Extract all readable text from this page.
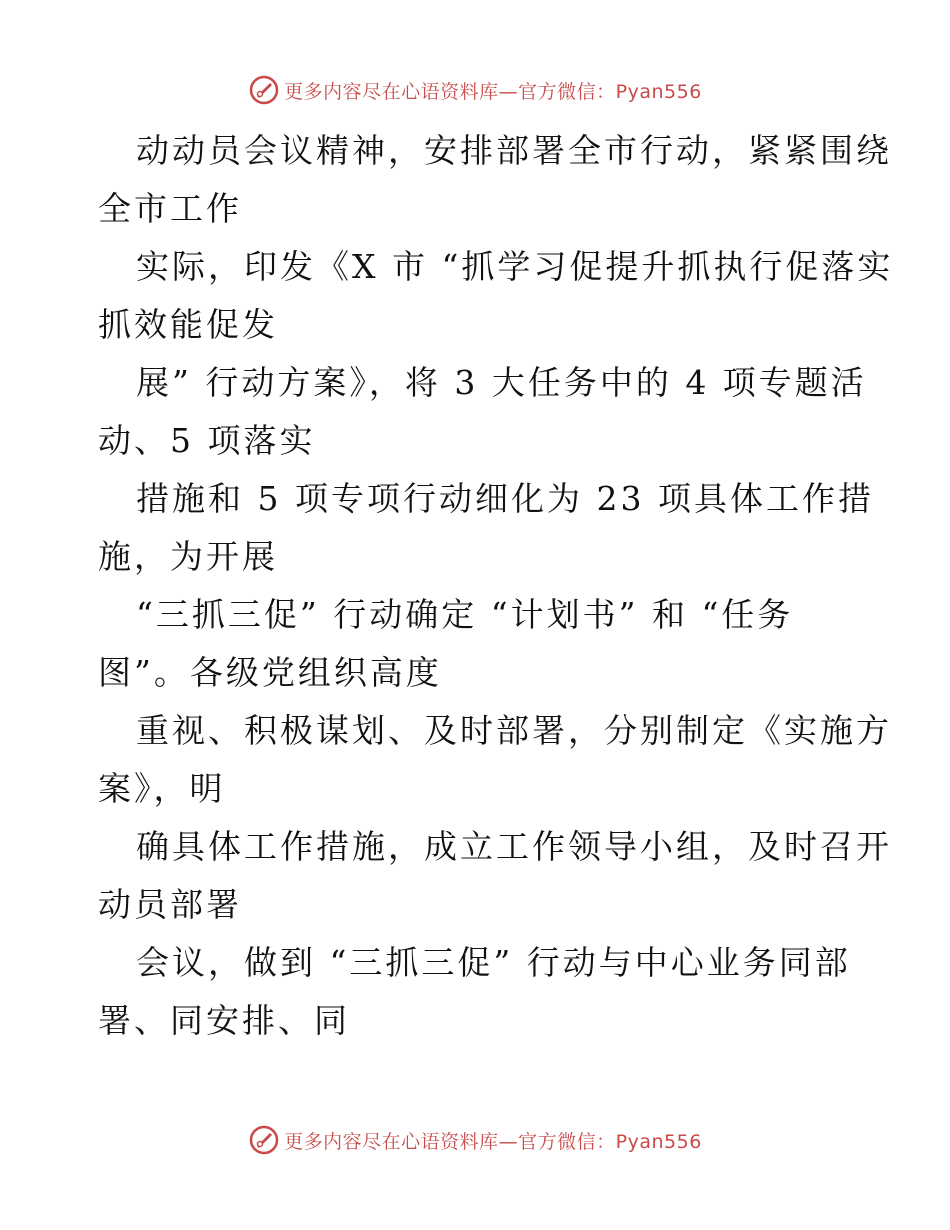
更多内容尽在心语资料库—官方微信：Pyan556
动动员会议精神，安排部署全市行动，紧紧围绕
全市工作
实际，印发《X 市 “抓学习促提升抓执行促落实
抓效能促发
展” 行动方案》，将 3 大任务中的 4 项专题活
动、5 项落实
措施和 5 项专项行动细化为 23 项具体工作措
施，为开展
“三抓三促” 行动确定 “计划书” 和 “任务
图”。各级党组织高度
重视、积极谋划、及时部署，分别制定《实施方
案》，明
确具体工作措施，成立工作领导小组，及时召开
动员部署
会议，做到 “三抓三促” 行动与中心业务同部
署、同安排、同
更多内容尽在心语资料库—官方微信：Pyan556
